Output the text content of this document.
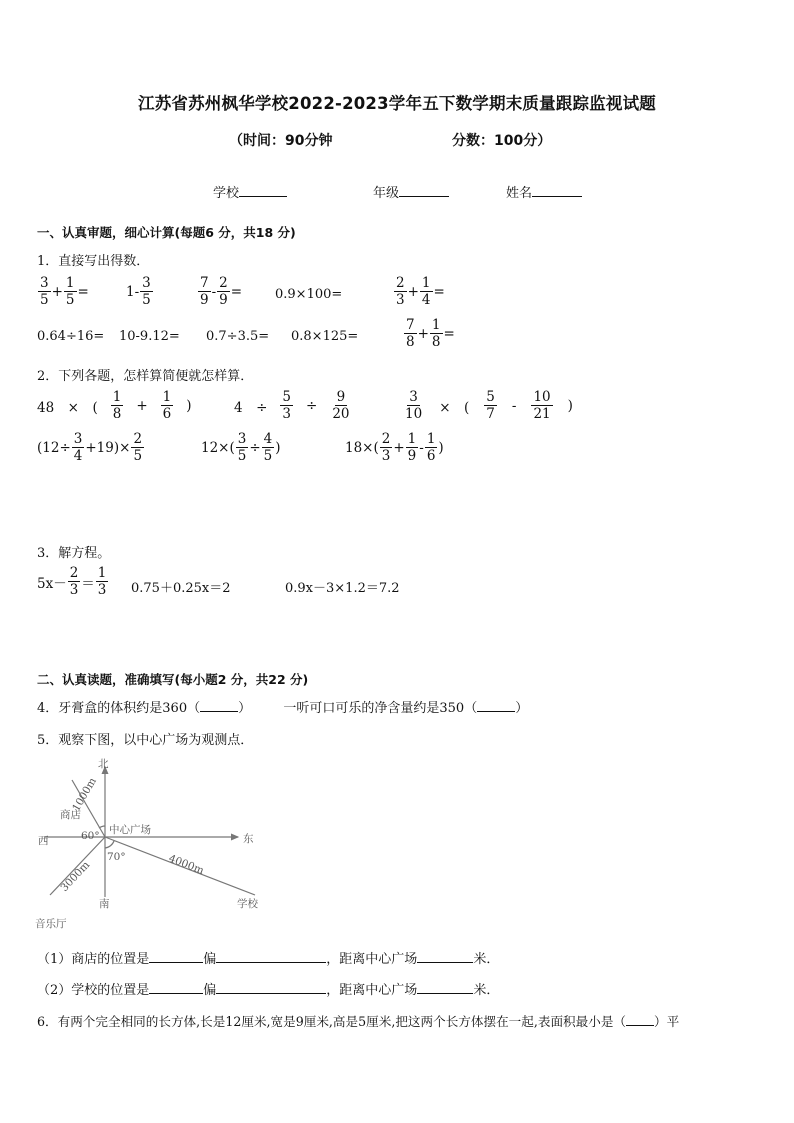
江苏省苏州枫华学校2022-2023学年五下数学期末质量跟踪监视试题
（时间：90分钟	分数：100分）
学校	年级	姓名
一、认真审题，细心计算(每题6 分，共18 分)
1．直接写出得数．
$\frac{3}{5} + \frac{1}{5}$ =	$1- \frac{3}{5}$	$\frac{7}{9} - \frac{2}{9}$ =	0.9×100=	$\frac{2}{3} + \frac{1}{4}$ =
0.64÷16= 10-9.12= 0.7÷3.5= 0.8×125=	$\frac{7}{8} + \frac{1}{8}$ =
2．下列各题，怎样算简便就怎样算．
48　×　( $\frac{1}{8} + \frac{1}{6}$ )	4　÷ $\frac{5}{3} \div \frac{9}{20}$	$\frac{3}{10}$ ×　( $\frac{5}{7} - \frac{10}{21}$ )
$(12\div \frac{3}{4} +19)\times \frac{2}{5}$	$12\times( \frac{3}{5} \div \frac{4}{5}$ )	$18\times( \frac{2}{3} + \frac{1}{9} - \frac{1}{6}$ )
3．解方程。
$5x- \frac{2}{3} = \frac{1}{3} 0.75+0.25x=2$	0.9x－3×1.2＝7.2
二、认真读题，准确填写(每小题2 分，共22 分)
4．牙膏盒的体积约是360（	） 一听可口可乐的净含量约是350（	）
5．观察下图，以中心广场为观测点．
北
南
东
西
中心广场
商店
学校
音乐厅
1000m
4000m
3000m
60°
70°
（1）商店的位置是	偏	，距离中心广场	米．
（2）学校的位置是	偏	，距离中心广场	米．
6．有两个完全相同的长方体,长是12厘米,宽是9厘米,高是5厘米,把这两个长方体摆在一起,表面积最小是（ ）平
